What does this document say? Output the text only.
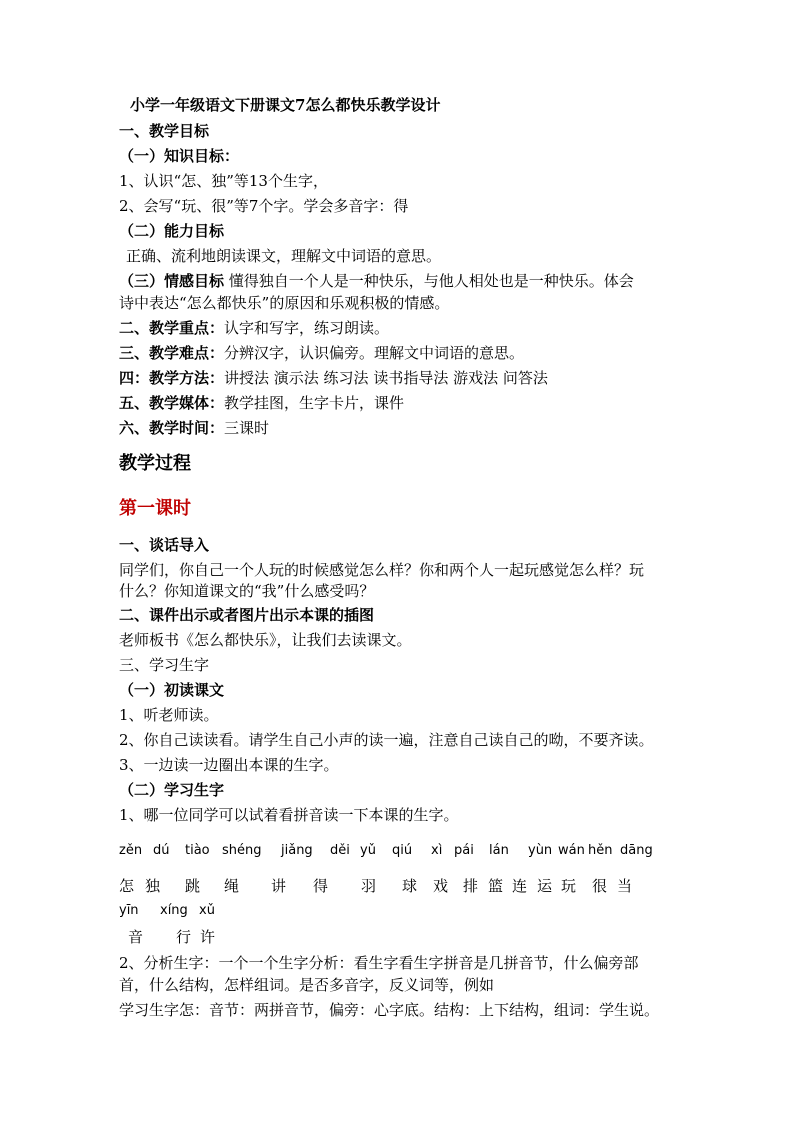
小学一年级语文下册课文7怎么都快乐教学设计
一、教学目标
（一）知识目标：
1、认识“怎、独”等13个生字，
2、会写“玩、很”等7个字。学会多音字：得
（二）能力目标
正确、流利地朗读课文，理解文中词语的意思。
（三）情感目标 懂得独自一个人是一种快乐，与他人相处也是一种快乐。体会
诗中表达“怎么都快乐”的原因和乐观积极的情感。
二、教学重点：认字和写字，练习朗读。
三、教学难点：分辨汉字，认识偏旁。理解文中词语的意思。
四：教学方法：讲授法 演示法 练习法 读书指导法 游戏法 问答法
五、教学媒体：教学挂图，生字卡片，课件
六、教学时间：三课时
教学过程
第一课时
一、谈话导入
同学们，你自己一个人玩的时候感觉怎么样？你和两个人一起玩感觉怎么样？玩
什么？你知道课文的“我”什么感受吗？
二、课件出示或者图片出示本课的插图
老师板书《怎么都快乐》，让我们去读课文。
三、学习生字
（一）初读课文
1、听老师读。
2、你自己读读看。请学生自己小声的读一遍，注意自己读自己的呦，不要齐读。
3、一边读一边圈出本课的生字。
（二）学习生字
1、哪一位同学可以试着看拼音读一下本课的生字。
zěn dú tiào shéng jiǎng děi yǔ qiú xì pái lán yùn wán hěn dāng
怎 独 跳 绳 讲 得 羽 球 戏 排 篮 连 运 玩 很 当
yīn xíng xǔ
音 行 许
2、分析生字：一个一个生字分析：看生字看生字拼音是几拼音节，什么偏旁部
首，什么结构，怎样组词。是否多音字，反义词等，例如
学习生字怎：音节：两拼音节，偏旁：心字底。结构：上下结构，组词：学生说。
